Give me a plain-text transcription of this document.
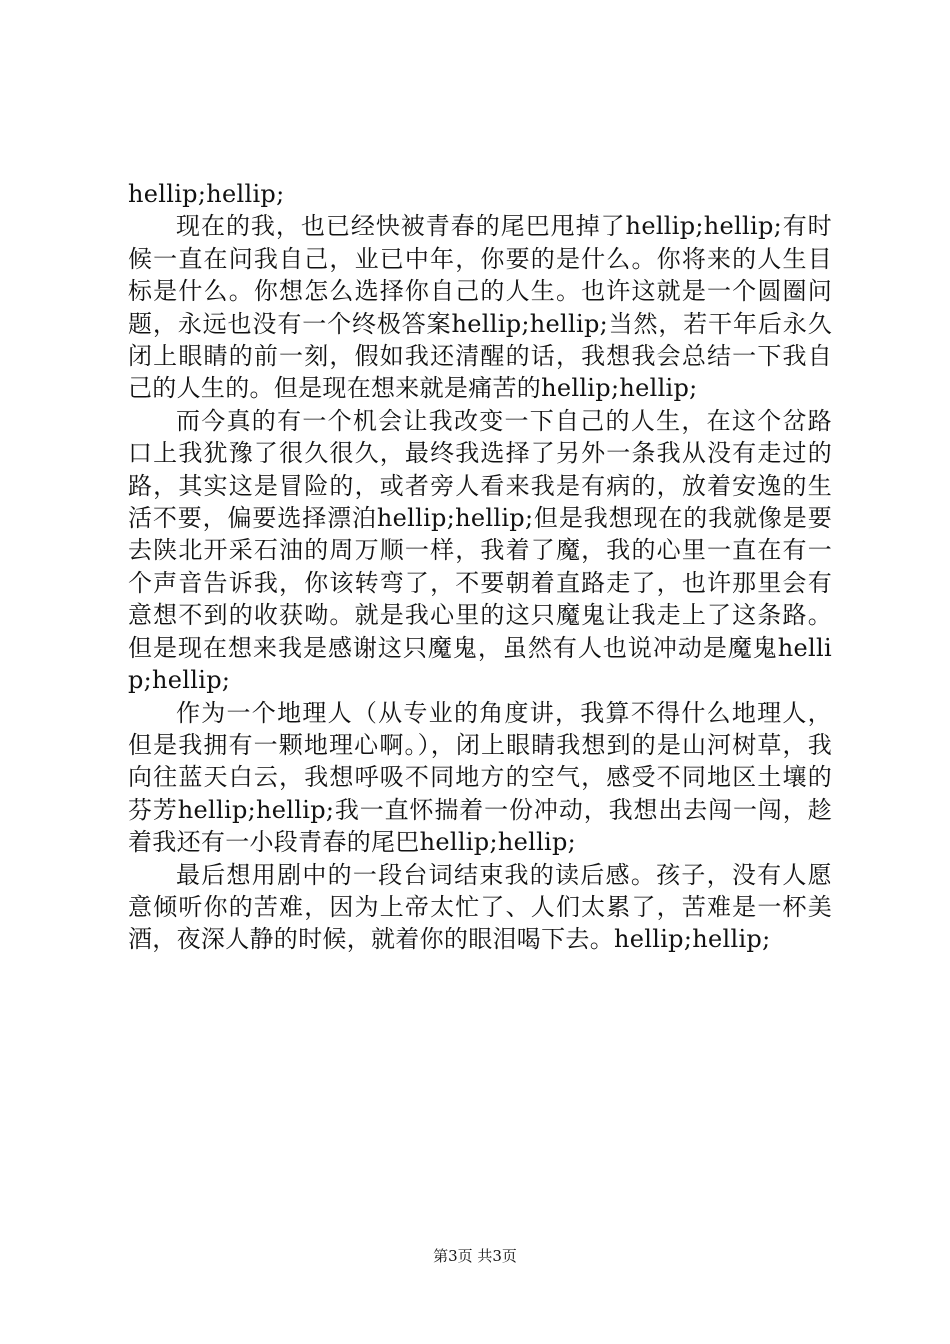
hellip;hellip;

现在的我，也已经快被青春的尾巴甩掉了hellip;hellip;有时候一直在问我自己，业已中年，你要的是什么。你将来的人生目标是什么。你想怎么选择你自己的人生。也许这就是一个圆圈问题，永远也没有一个终极答案hellip;hellip;当然，若干年后永久闭上眼睛的前一刻，假如我还清醒的话，我想我会总结一下我自己的人生的。但是现在想来就是痛苦的hellip;hellip;

而今真的有一个机会让我改变一下自己的人生，在这个岔路口上我犹豫了很久很久，最终我选择了另外一条我从没有走过的路，其实这是冒险的，或者旁人看来我是有病的，放着安逸的生活不要，偏要选择漂泊hellip;hellip;但是我想现在的我就像是要去陕北开采石油的周万顺一样，我着了魔，我的心里一直在有一个声音告诉我，你该转弯了，不要朝着直路走了，也许那里会有意想不到的收获呦。就是我心里的这只魔鬼让我走上了这条路。但是现在想来我是感谢这只魔鬼，虽然有人也说冲动是魔鬼hellip;hellip;

作为一个地理人（从专业的角度讲，我算不得什么地理人，但是我拥有一颗地理心啊。），闭上眼睛我想到的是山河树草，我向往蓝天白云，我想呼吸不同地方的空气，感受不同地区土壤的芬芳hellip;hellip;我一直怀揣着一份冲动，我想出去闯一闯，趁着我还有一小段青春的尾巴hellip;hellip;

最后想用剧中的一段台词结束我的读后感。孩子，没有人愿意倾听你的苦难，因为上帝太忙了、人们太累了，苦难是一杯美酒，夜深人静的时候，就着你的眼泪喝下去。hellip;hellip;

第3页 共3页
